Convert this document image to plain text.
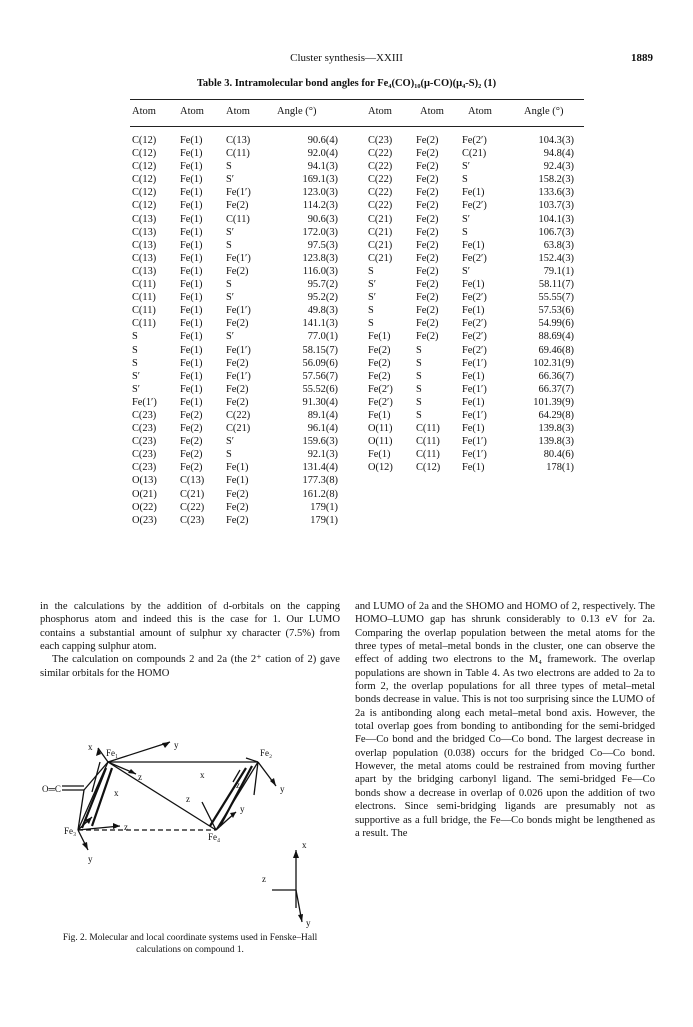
Cluster synthesis—XXIII	1889
Table 3. Intramolecular bond angles for Fe₄(CO)₁₀(μ-CO)(μ₄-S)₂ (1)
Atom Atom Atom	Angle (°)	Atom	Atom Atom	Angle (°)
C(12)	Fe(1)	C(13)	90.6(4)
C(12)	Fe(1)	C(11)	92.0(4)
C(12)	Fe(1)	S	94.1(3)
C(12)	Fe(1)	S′	169.1(3)
C(12)	Fe(1)	Fe(1′)	123.0(3)
C(12)	Fe(1)	Fe(2)	114.2(3)
C(13)	Fe(1)	C(11)	90.6(3)
C(13)	Fe(1)	S′	172.0(3)
C(13)	Fe(1)	S	97.5(3)
C(13)	Fe(1)	Fe(1′)	123.8(3)
C(13)	Fe(1)	Fe(2)	116.0(3)
C(11)	Fe(1)	S	95.7(2)
C(11)	Fe(1)	S′	95.2(2)
C(11)	Fe(1)	Fe(1′)	49.8(3)
C(11)	Fe(1)	Fe(2)	141.1(3)
S	Fe(1)	S′	77.0(1)
S	Fe(1)	Fe(1′)	58.15(7)
S	Fe(1)	Fe(2)	56.09(6)
S′	Fe(1)	Fe(1′)	57.56(7)
S′	Fe(1)	Fe(2)	55.52(6)
Fe(1′)	Fe(1)	Fe(2)	91.30(4)
C(23)	Fe(2)	C(22)	89.1(4)
C(23)	Fe(2)	C(21)	96.1(4)
C(23)	Fe(2)	S′	159.6(3)
C(23)	Fe(2)	S	92.1(3)
C(23)	Fe(2)	Fe(1)	131.4(4)
O(13)	C(13)	Fe(1)	177.3(8)
O(21)	C(21)	Fe(2)	161.2(8)
O(22)	C(22)	Fe(2)	179(1)
O(23)	C(23)	Fe(2)	179(1)
C(23)	Fe(2)	Fe(2′)	104.3(3)
C(22)	Fe(2)	C(21)	94.8(4)
C(22)	Fe(2)	S′	92.4(3)
C(22)	Fe(2)	S	158.2(3)
C(22)	Fe(2)	Fe(1)	133.6(3)
C(22)	Fe(2)	Fe(2′)	103.7(3)
C(21)	Fe(2)	S′	104.1(3)
C(21)	Fe(2)	S	106.7(3)
C(21)	Fe(2)	Fe(1)	63.8(3)
C(21)	Fe(2)	Fe(2′)	152.4(3)
S	Fe(2)	S′	79.1(1)
S′	Fe(2)	Fe(1)	58.11(7)
S′	Fe(2)	Fe(2′)	55.55(7)
S	Fe(2)	Fe(1)	57.53(6)
S	Fe(2)	Fe(2′)	54.99(6)
Fe(1)	Fe(2)	Fe(2′)	88.69(4)
Fe(2)	S	Fe(2′)	69.46(8)
Fe(2)	S	Fe(1′)	102.31(9)
Fe(2)	S	Fe(1)	66.36(7)
Fe(2′)	S	Fe(1′)	66.37(7)
Fe(2′)	S	Fe(1)	101.39(9)
Fe(1)	S	Fe(1′)	64.29(8)
O(11)	C(11)	Fe(1)	139.8(3)
O(11)	C(11)	Fe(1′)	139.8(3)
Fe(1)	C(11)	Fe(1′)	80.4(6)
O(12)	C(12)	Fe(1)	178(1)

in the calculations by the addition of d-orbitals on the capping phosphorus atom and indeed this is the case for 1. Our LUMO contains a substantial amount of sulphur xy character (7.5%) from each capping sulphur atom.

The calculation on compounds 2 and 2a (the 2⁺ cation of 2) gave similar orbitals for the HOMO

Fe₁	Fe₂
Fe₃
Fe₄
O═C
y
x
z
x
x
z	y
z
y
z
y
x
z
y
Fig. 2. Molecular and local coordinate systems used in Fenske–Hall calculations on compound 1.

and LUMO of 2a and the SHOMO and HOMO of 2, respectively. The HOMO–LUMO gap has shrunk considerably to 0.13 eV for 2a. Comparing the overlap population between the metal atoms for the three types of metal–metal bonds in the cluster, one can observe the effect of adding two electrons to the M₄ framework. The overlap populations are shown in Table 4. As two electrons are added to 2a to form 2, the overlap populations for all three types of metal–metal bonds decrease in value. This is not too surprising since the LUMO of 2a is antibonding along each metal–metal bond axis. However, the total overlap goes from bonding to antibonding for the semi-bridged Fe—Co bond and the bridged Co—Co bond. The largest decrease in overlap population (0.038) occurs for the bridged Co—Co bond. However, the metal atoms could be restrained from moving further apart by the bridging carbonyl ligand. The semi-bridged Fe—Co bonds show a decrease in overlap of 0.026 upon the addition of two electrons. Since semi-bridging ligands are presumably not as supportive as a full bridge, the Fe—Co bonds might be lengthened as a result. The
